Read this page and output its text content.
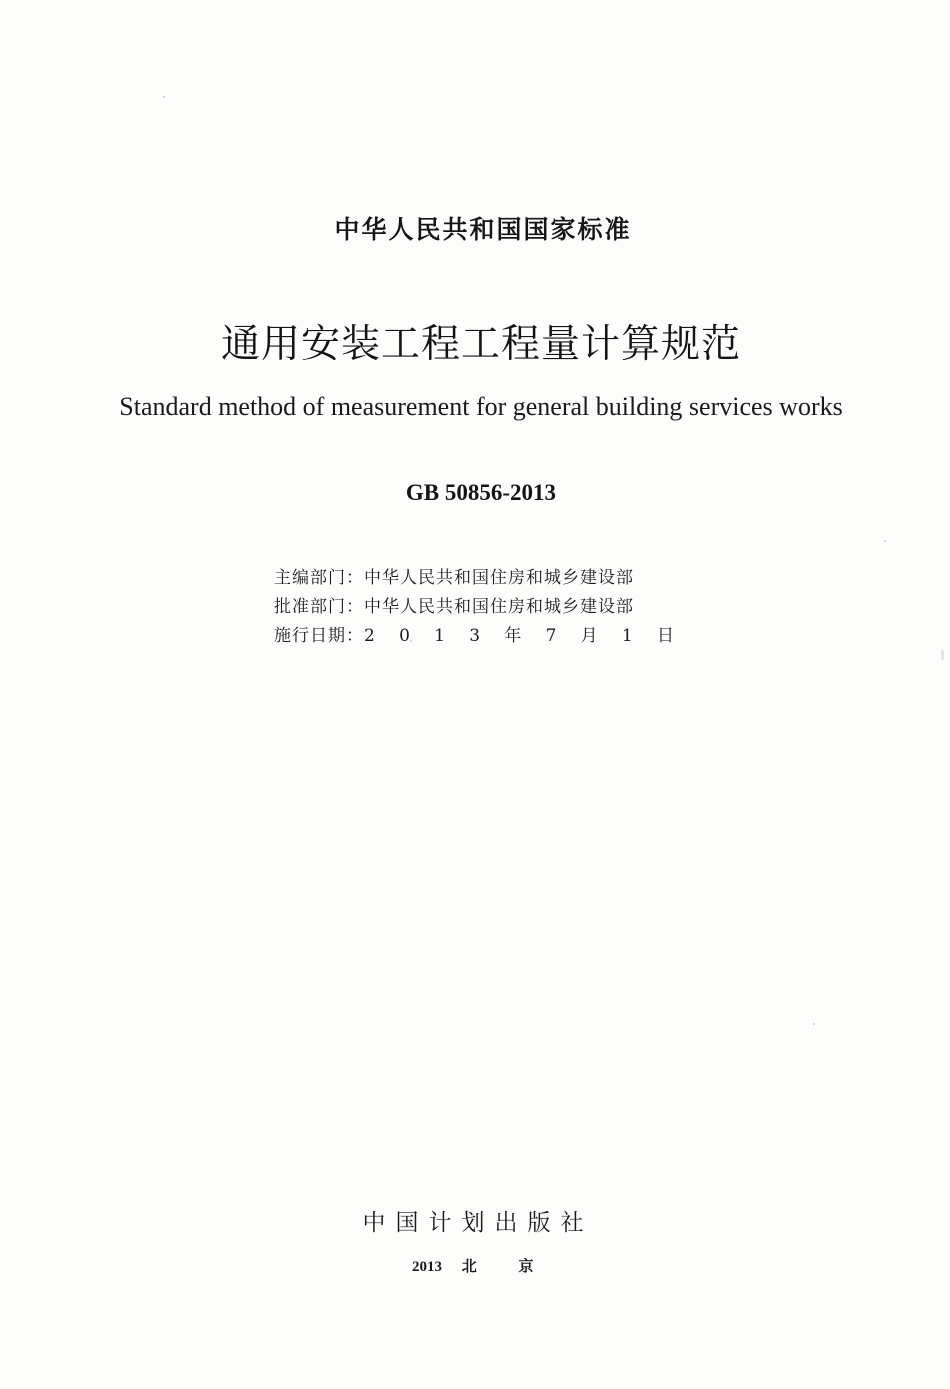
中华人民共和国国家标准
通用安装工程工程量计算规范
Standard method of measurement for general building services works
GB 50856-2013
主编部门： 中华人民共和国住房和城乡建设部
批准部门： 中华人民共和国住房和城乡建设部
施行日期： 2 0 1 3 年 7 月 1 日
中国计划出版社
2013 北	京
